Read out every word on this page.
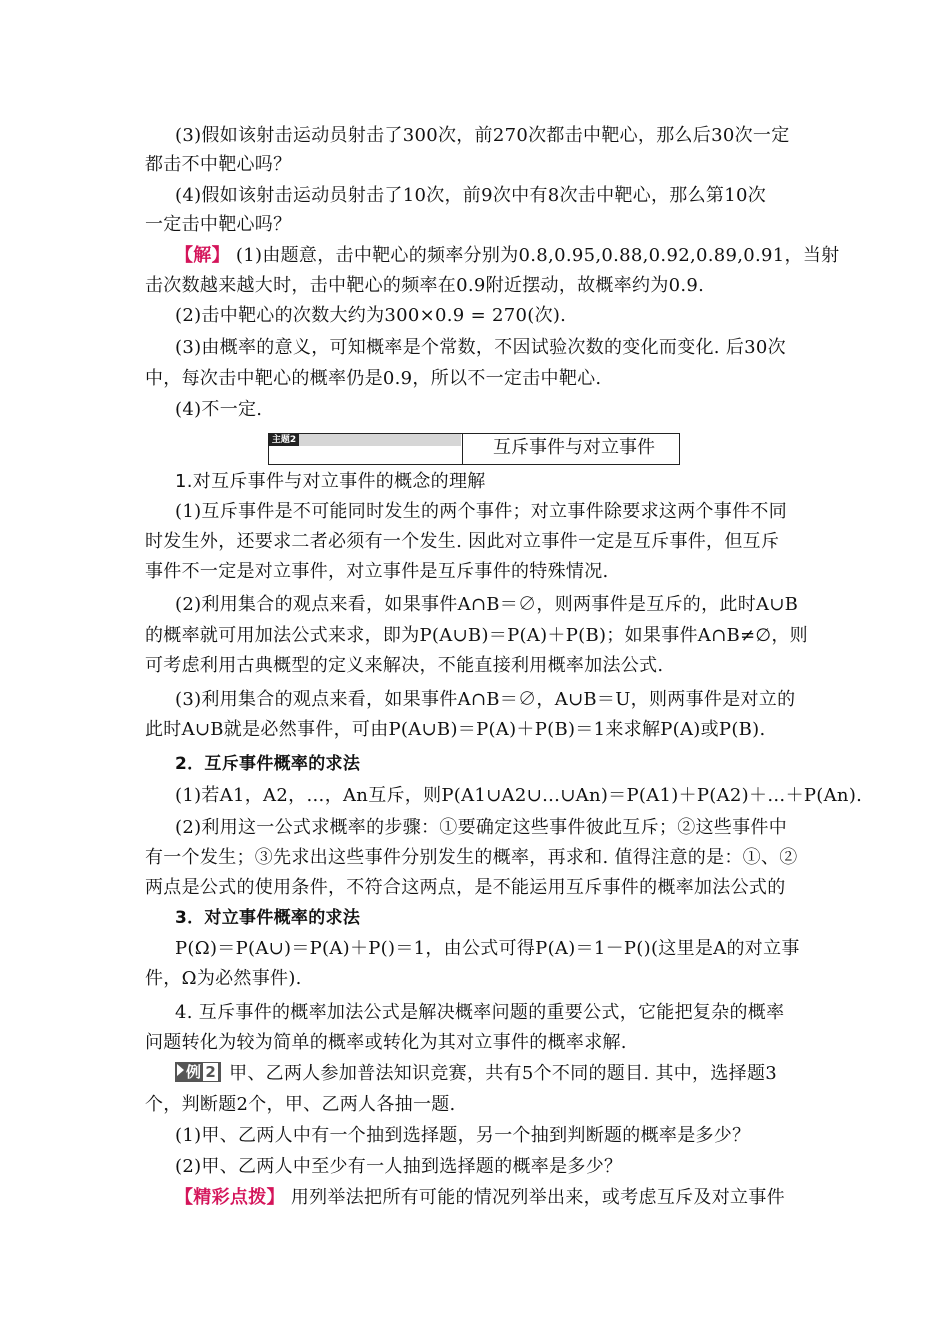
(3)假如该射击运动员射击了300次，前270次都击中靶心，那么后30次一定
都击不中靶心吗？
(4)假如该射击运动员射击了10次，前9次中有8次击中靶心，那么第10次
一定击中靶心吗？
【解】 (1)由题意，击中靶心的频率分别为0.8,0.95,0.88,0.92,0.89,0.91，当射
击次数越来越大时，击中靶心的频率在0.9附近摆动，故概率约为0.9.
(2)击中靶心的次数大约为300×0.9 = 270(次).
(3)由概率的意义，可知概率是个常数，不因试验次数的变化而变化. 后30次
中，每次击中靶心的概率仍是0.9，所以不一定击中靶心.
(4)不一定.
主题2	互斥事件与对立事件
1.对互斥事件与对立事件的概念的理解
(1)互斥事件是不可能同时发生的两个事件；对立事件除要求这两个事件不同
时发生外，还要求二者必须有一个发生. 因此对立事件一定是互斥事件，但互斥
事件不一定是对立事件，对立事件是互斥事件的特殊情况.
(2)利用集合的观点来看，如果事件A∩B＝∅，则两事件是互斥的，此时A∪B
的概率就可用加法公式来求，即为P(A∪B)＝P(A)＋P(B)；如果事件A∩B≠∅，则
可考虑利用古典概型的定义来解决，不能直接利用概率加法公式.
(3)利用集合的观点来看，如果事件A∩B＝∅，A∪B＝U，则两事件是对立的
此时A∪B就是必然事件，可由P(A∪B)＝P(A)＋P(B)＝1来求解P(A)或P(B).
2．互斥事件概率的求法
(1)若A1，A2，…，An互斥，则P(A1∪A2∪…∪An)＝P(A1)＋P(A2)＋…＋P(An).
(2)利用这一公式求概率的步骤：①要确定这些事件彼此互斥；②这些事件中
有一个发生；③先求出这些事件分别发生的概率，再求和. 值得注意的是：①、②
两点是公式的使用条件，不符合这两点，是不能运用互斥事件的概率加法公式的
3．对立事件概率的求法
P(Ω)＝P(A∪)＝P(A)＋P()＝1，由公式可得P(A)＝1－P()(这里是A的对立事
件，Ω为必然事件).
4. 互斥事件的概率加法公式是解决概率问题的重要公式，它能把复杂的概率
问题转化为较为简单的概率或转化为其对立事件的概率求解.
例 2 甲、乙两人参加普法知识竞赛，共有5个不同的题目. 其中，选择题3
个，判断题2个，甲、乙两人各抽一题.
(1)甲、乙两人中有一个抽到选择题，另一个抽到判断题的概率是多少？
(2)甲、乙两人中至少有一人抽到选择题的概率是多少？
【精彩点拨】 用列举法把所有可能的情况列举出来，或考虑互斥及对立事件
